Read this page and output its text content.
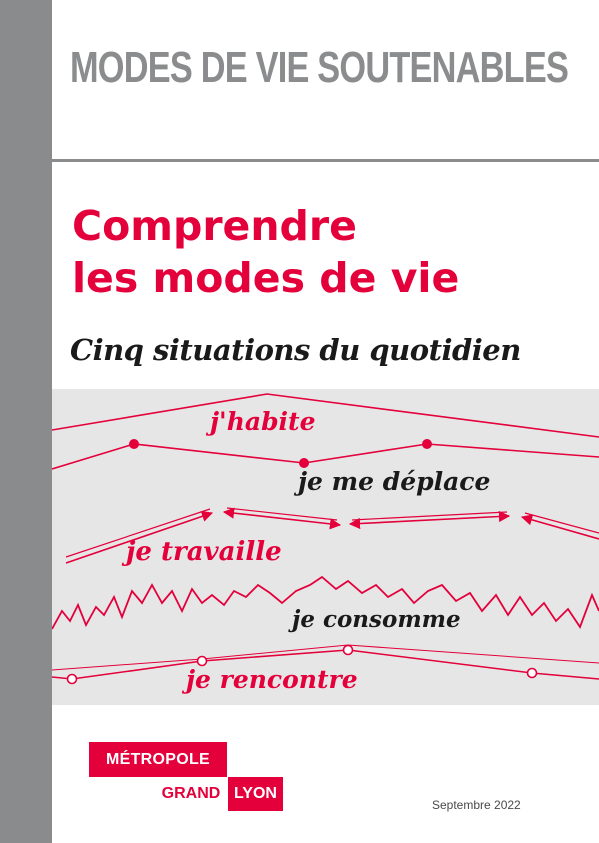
MODES DE VIE SOUTENABLES
Comprendre
les modes de vie
Cinq situations du quotidien
j'habite
je me déplace
je travaille
je consomme
je rencontre
MÉTROPOLE
GRAND LYON
Septembre 2022
